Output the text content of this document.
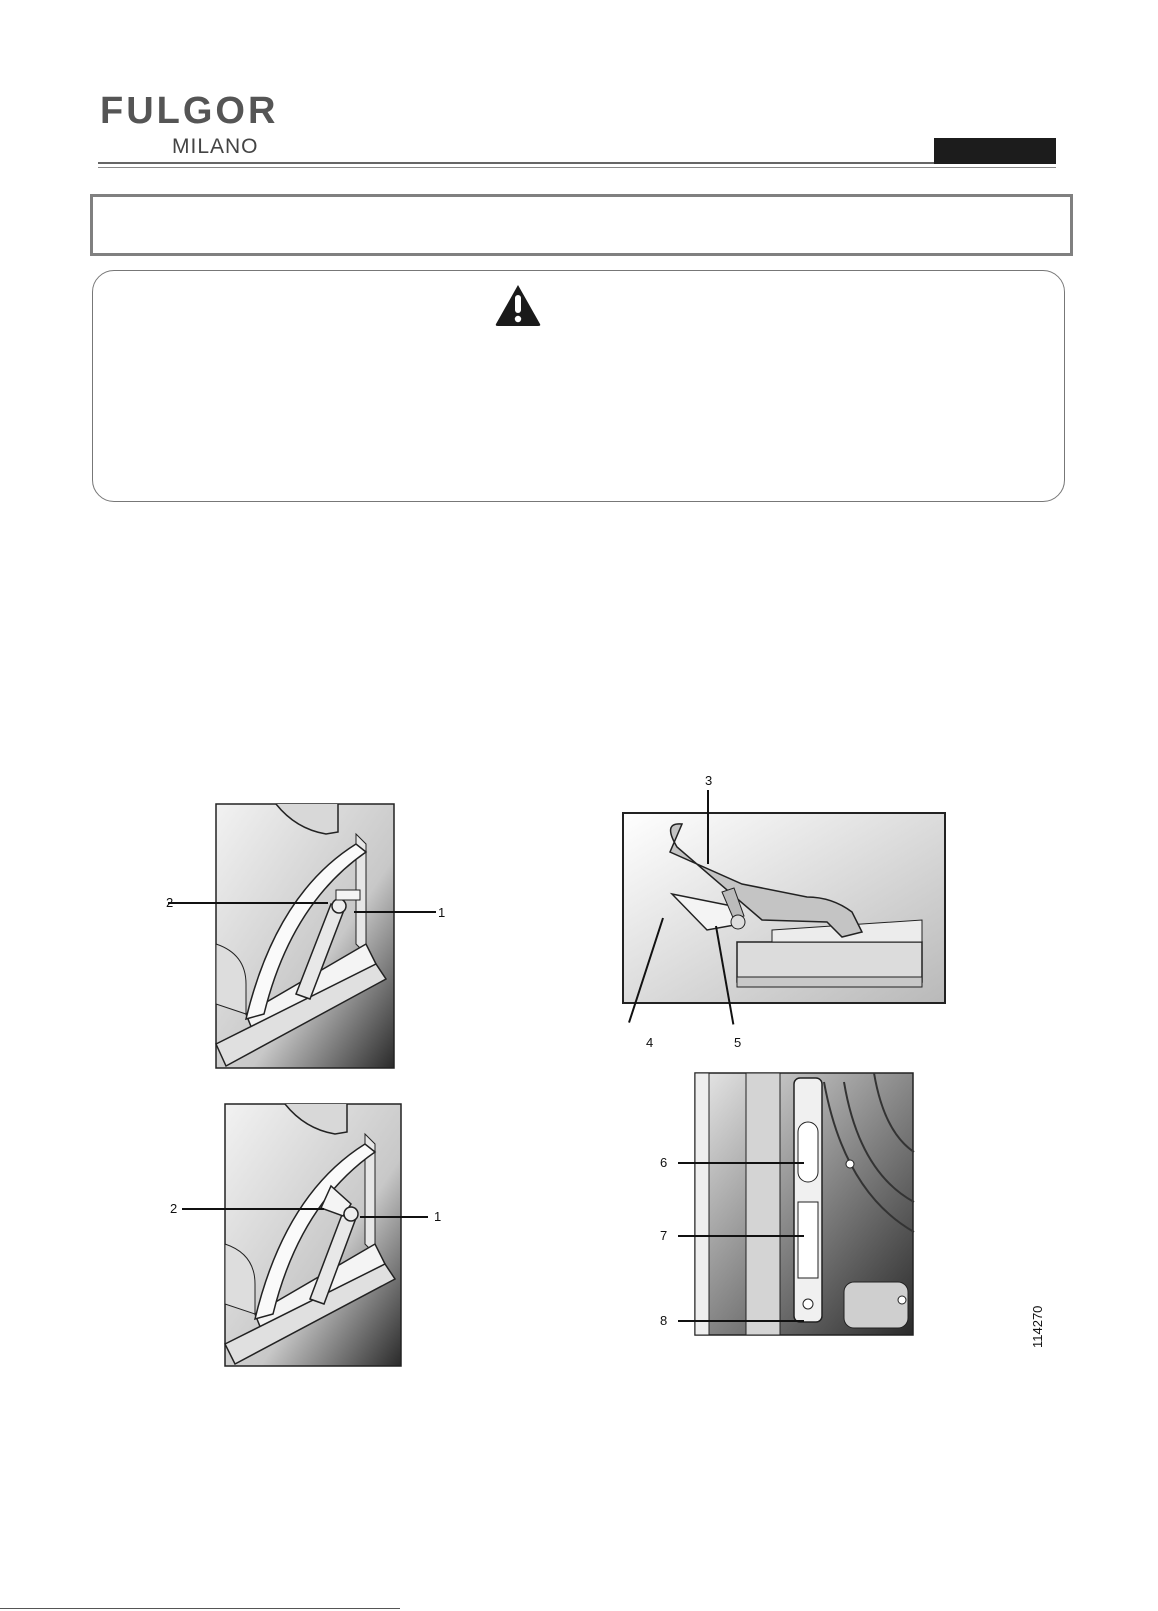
FULGOR
MILANO
2
1
2
1
3
4	5
6
7
8	114270
